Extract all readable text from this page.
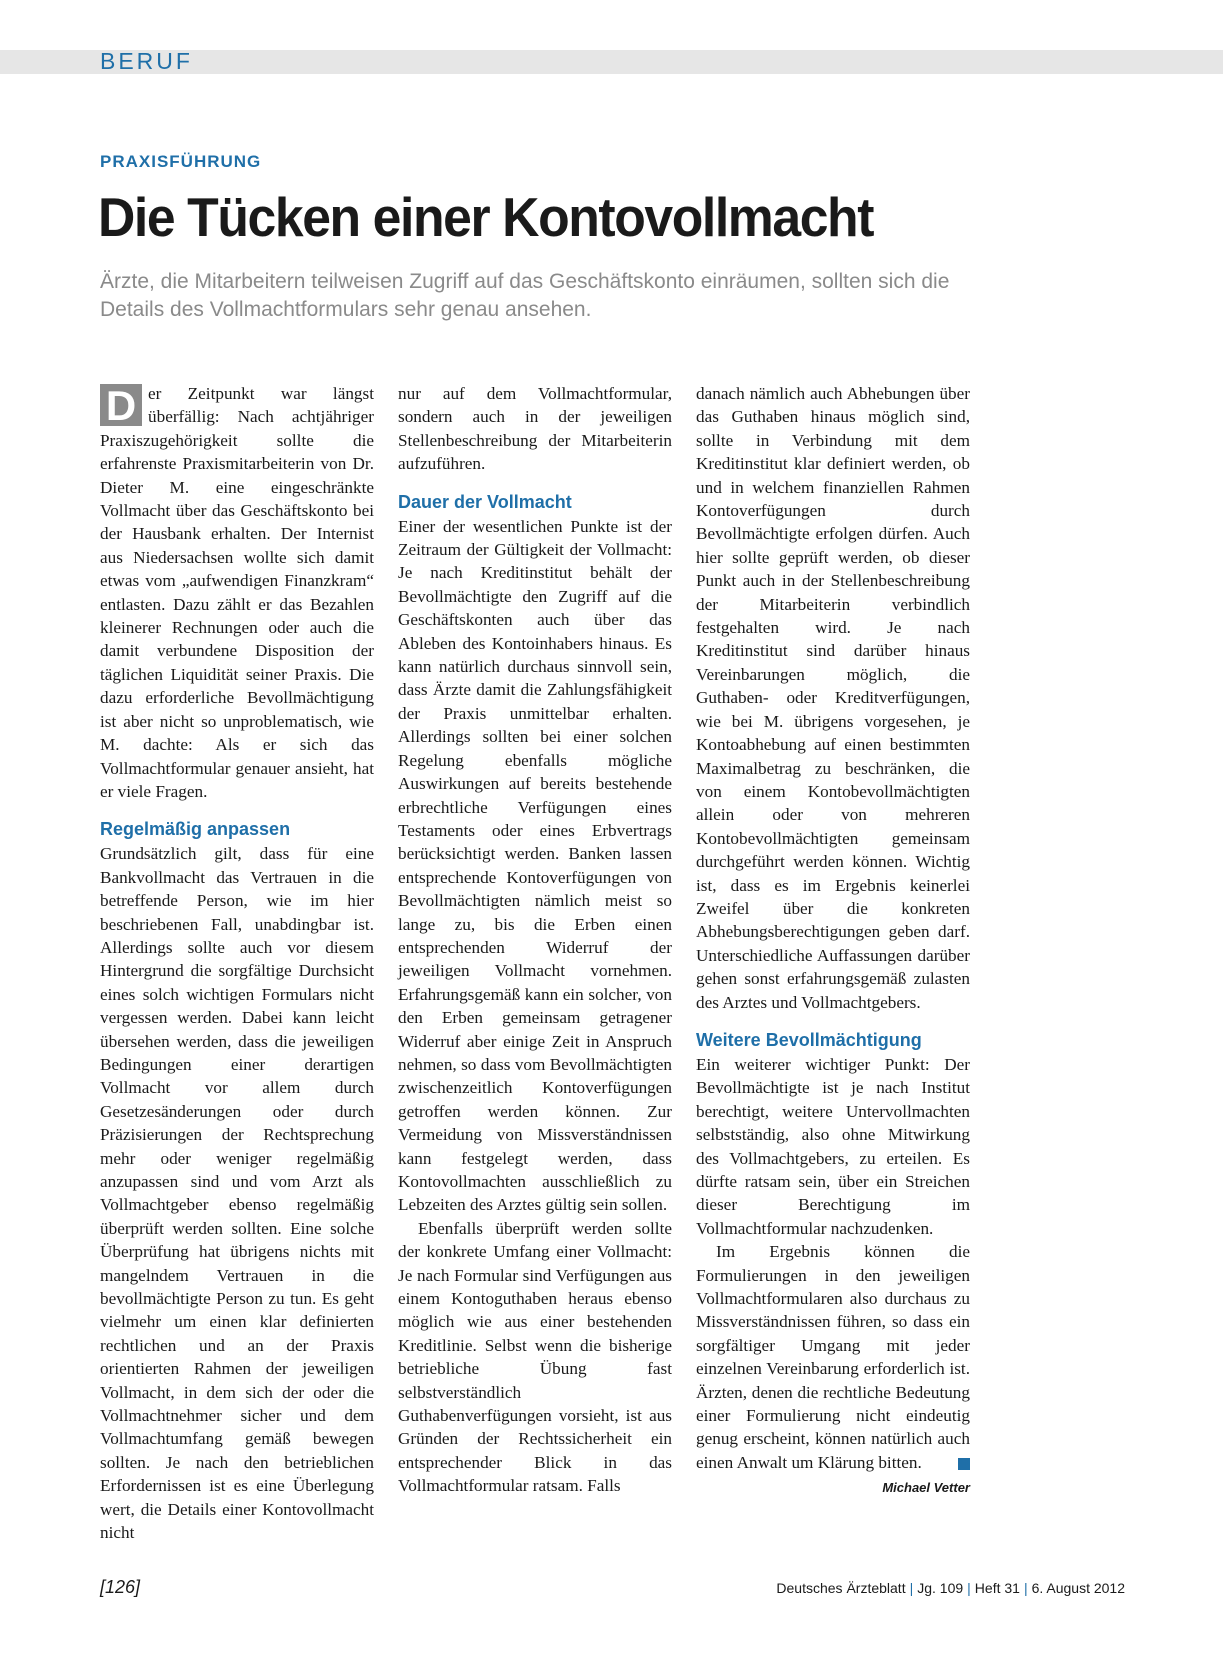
BERUF
PRAXISFÜHRUNG
Die Tücken einer Kontovollmacht

Ärzte, die Mitarbeitern teilweisen Zugriff auf das Geschäftskonto einräumen, sollten sich die Details des Vollmachtformulars sehr genau ansehen.

D er Zeitpunkt war längst überfällig: Nach achtjähriger Praxiszugehörigkeit sollte die erfahrenste Praxismitarbeiterin von Dr. Dieter M. eine eingeschränkte Vollmacht über das Geschäftskonto bei der Hausbank erhalten. Der Internist aus Niedersachsen wollte sich damit etwas vom „aufwendigen Finanzkram“ entlasten. Dazu zählt er das Bezahlen kleinerer Rechnungen oder auch die damit verbundene Disposition der täglichen Liquidität seiner Praxis. Die dazu erforderliche Bevollmächtigung ist aber nicht so unproblematisch, wie M. dachte: Als er sich das Vollmachtformular genauer ansieht, hat er viele Fragen.

Regelmäßig anpassen

Grundsätzlich gilt, dass für eine Bankvollmacht das Vertrauen in die betreffende Person, wie im hier beschriebenen Fall, unabdingbar ist. Allerdings sollte auch vor diesem Hintergrund die sorgfältige Durchsicht eines solch wichtigen Formulars nicht vergessen werden. Dabei kann leicht übersehen werden, dass die jeweiligen Bedingungen einer derartigen Vollmacht vor allem durch Gesetzesänderungen oder durch Präzisierungen der Rechtsprechung mehr oder weniger regelmäßig anzupassen sind und vom Arzt als Vollmachtgeber ebenso regelmäßig überprüft werden sollten. Eine solche Überprüfung hat übrigens nichts mit mangelndem Vertrauen in die bevollmächtigte Person zu tun. Es geht vielmehr um einen klar definierten rechtlichen und an der Praxis orientierten Rahmen der jeweiligen Vollmacht, in dem sich der oder die Vollmachtnehmer sicher und dem Vollmachtumfang gemäß bewegen sollten. Je nach den betrieblichen Erfordernissen ist es eine Überlegung wert, die Details einer Kontovollmacht nicht

nur auf dem Vollmachtformular, sondern auch in der jeweiligen Stellenbeschreibung der Mitarbeiterin aufzuführen.

Dauer der Vollmacht

Einer der wesentlichen Punkte ist der Zeitraum der Gültigkeit der Vollmacht: Je nach Kreditinstitut behält der Bevollmächtigte den Zugriff auf die Geschäftskonten auch über das Ableben des Kontoinhabers hinaus. Es kann natürlich durchaus sinnvoll sein, dass Ärzte damit die Zahlungsfähigkeit der Praxis unmittelbar erhalten. Allerdings sollten bei einer solchen Regelung ebenfalls mögliche Auswirkungen auf bereits bestehende erbrechtliche Verfügungen eines Testaments oder eines Erbvertrags berücksichtigt werden. Banken lassen entsprechende Kontoverfügungen von Bevollmächtigten nämlich meist so lange zu, bis die Erben einen entsprechenden Widerruf der jeweiligen Vollmacht vornehmen. Erfahrungsgemäß kann ein solcher, von den Erben gemeinsam getragener Widerruf aber einige Zeit in Anspruch nehmen, so dass vom Bevollmächtigten zwischenzeitlich Kontoverfügungen getroffen werden können. Zur Vermeidung von Missverständnissen kann festgelegt werden, dass Kontovollmachten ausschließlich zu Lebzeiten des Arztes gültig sein sollen.

Ebenfalls überprüft werden sollte der konkrete Umfang einer Vollmacht: Je nach Formular sind Verfügungen aus einem Kontoguthaben heraus ebenso möglich wie aus einer bestehenden Kreditlinie. Selbst wenn die bisherige betriebliche Übung fast selbstverständlich Guthabenverfügungen vorsieht, ist aus Gründen der Rechtssicherheit ein entsprechender Blick in das Vollmachtformular ratsam. Falls

danach nämlich auch Abhebungen über das Guthaben hinaus möglich sind, sollte in Verbindung mit dem Kreditinstitut klar definiert werden, ob und in welchem finanziellen Rahmen Kontoverfügungen durch Bevollmächtigte erfolgen dürfen. Auch hier sollte geprüft werden, ob dieser Punkt auch in der Stellenbeschreibung der Mitarbeiterin verbindlich festgehalten wird. Je nach Kreditinstitut sind darüber hinaus Vereinbarungen möglich, die Guthaben- oder Kreditverfügungen, wie bei M. übrigens vorgesehen, je Kontoabhebung auf einen bestimmten Maximalbetrag zu beschränken, die von einem Kontobevollmächtigten allein oder von mehreren Kontobevollmächtigten gemeinsam durchgeführt werden können. Wichtig ist, dass es im Ergebnis keinerlei Zweifel über die konkreten Abhebungsberechtigungen geben darf. Unterschiedliche Auffassungen darüber gehen sonst erfahrungsgemäß zulasten des Arztes und Vollmachtgebers.

Weitere Bevollmächtigung

Ein weiterer wichtiger Punkt: Der Bevollmächtigte ist je nach Institut berechtigt, weitere Untervollmachten selbstständig, also ohne Mitwirkung des Vollmachtgebers, zu erteilen. Es dürfte ratsam sein, über ein Streichen dieser Berechtigung im Vollmachtformular nachzudenken.

Im Ergebnis können die Formulierungen in den jeweiligen Vollmachtformularen also durchaus zu Missverständnissen führen, so dass ein sorgfältiger Umgang mit jeder einzelnen Vereinbarung erforderlich ist. Ärzten, denen die rechtliche Bedeutung einer Formulierung nicht eindeutig genug erscheint, können natürlich auch einen Anwalt um Klärung bitten.

Michael Vetter
[126]	Deutsches Ärzteblatt | Jg. 109 | Heft 31 | 6. August 2012
